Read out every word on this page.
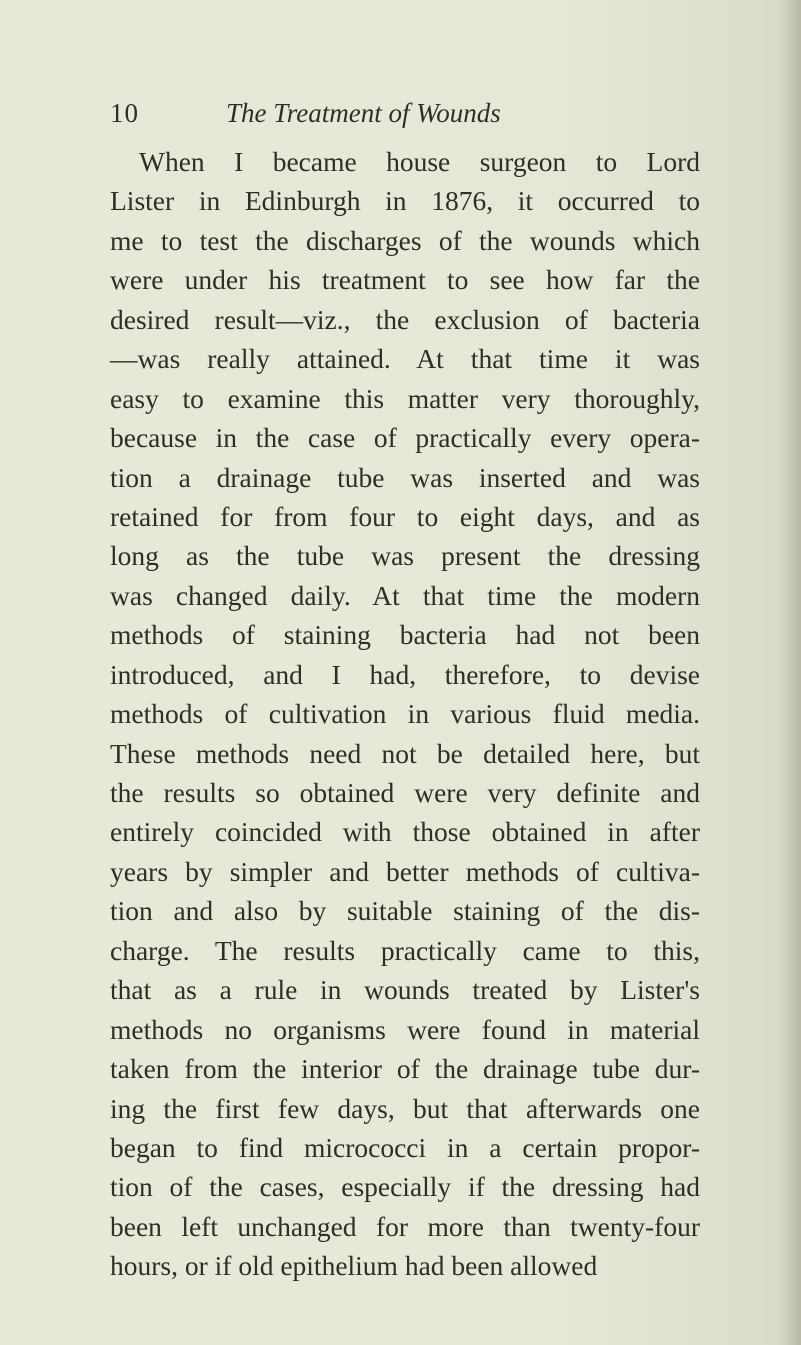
10	The Treatment of Wounds
When I became house surgeon to Lord
Lister in Edinburgh in 1876, it occurred to
me to test the discharges of the wounds which
were under his treatment to see how far the
desired result—viz., the exclusion of bacteria
—was really attained. At that time it was
easy to examine this matter very thoroughly,
because in the case of practically every opera-
tion a drainage tube was inserted and was
retained for from four to eight days, and as
long as the tube was present the dressing
was changed daily. At that time the modern
methods of staining bacteria had not been
introduced, and I had, therefore, to devise
methods of cultivation in various fluid media.
These methods need not be detailed here, but
the results so obtained were very definite and
entirely coincided with those obtained in after
years by simpler and better methods of cultiva-
tion and also by suitable staining of the dis-
charge. The results practically came to this,
that as a rule in wounds treated by Lister's
methods no organisms were found in material
taken from the interior of the drainage tube dur-
ing the first few days, but that afterwards one
began to find micrococci in a certain propor-
tion of the cases, especially if the dressing had
been left unchanged for more than twenty-four
hours, or if old epithelium had been allowed
